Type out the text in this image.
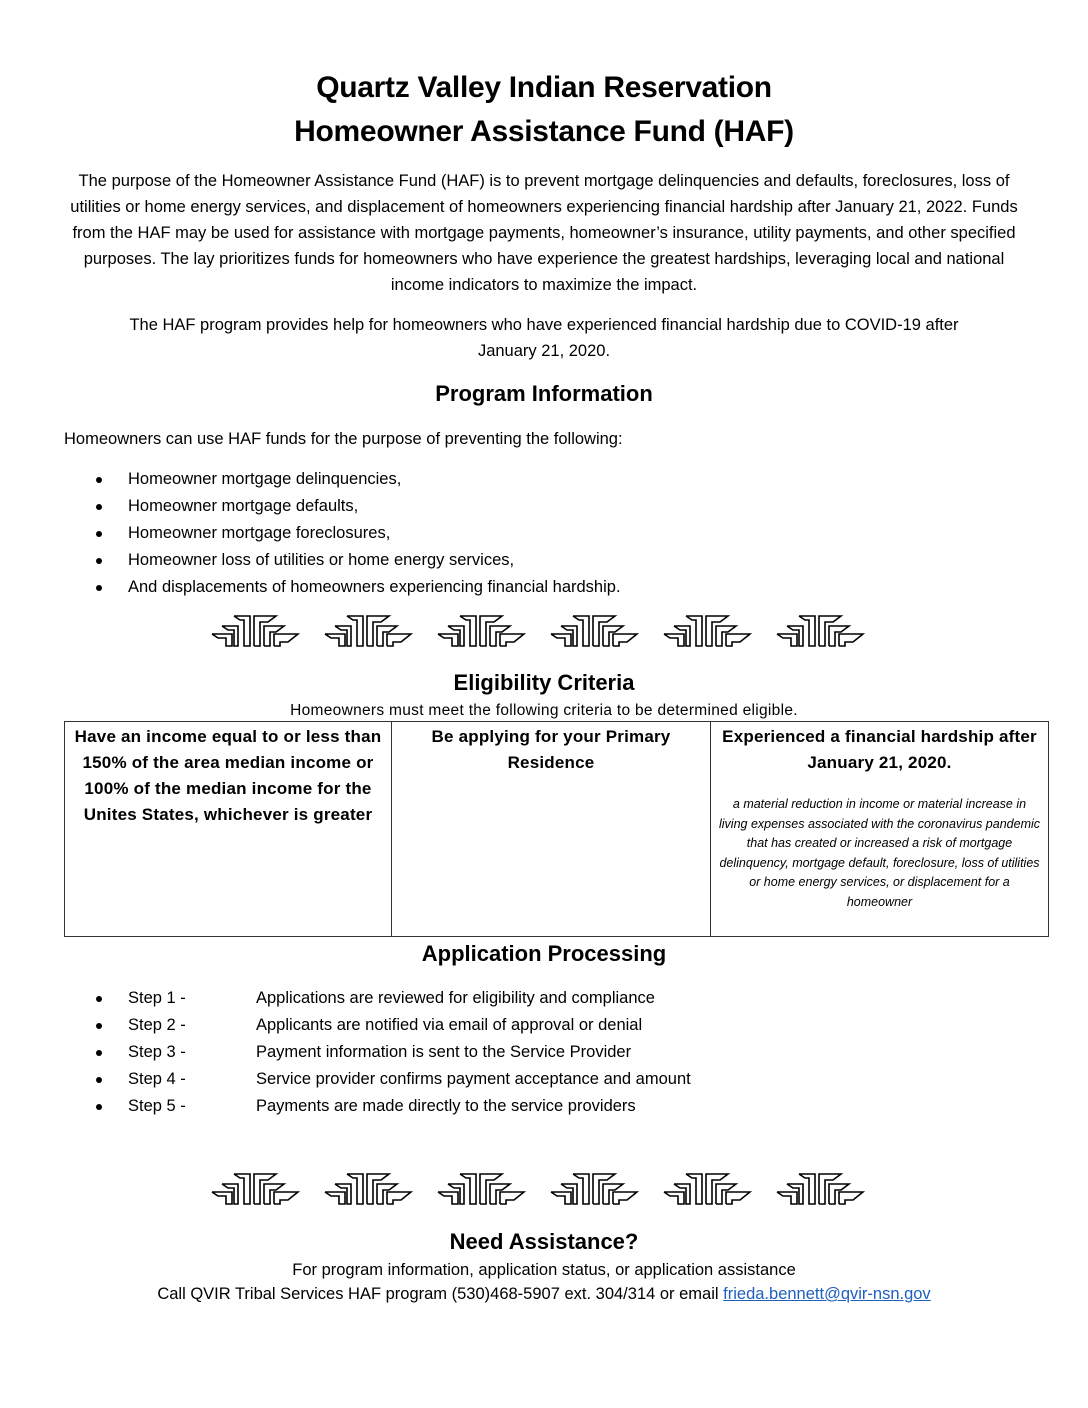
Quartz Valley Indian Reservation
Homeowner Assistance Fund (HAF)
The purpose of the Homeowner Assistance Fund (HAF) is to prevent mortgage delinquencies and defaults, foreclosures, loss of utilities or home energy services, and displacement of homeowners experiencing financial hardship after January 21, 2022. Funds from the HAF may be used for assistance with mortgage payments, homeowner’s insurance, utility payments, and other specified purposes. The lay prioritizes funds for homeowners who have experience the greatest hardships, leveraging local and national income indicators to maximize the impact.
The HAF program provides help for homeowners who have experienced financial hardship due to COVID-19 after January 21, 2020.
Program Information
Homeowners can use HAF funds for the purpose of preventing the following:
Homeowner mortgage delinquencies,
Homeowner mortgage defaults,
Homeowner mortgage foreclosures,
Homeowner loss of utilities or home energy services,
And displacements of homeowners experiencing financial hardship.
Eligibility Criteria
Homeowners must meet the following criteria to be determined eligible.
Have an income equal to or less than 150% of the area median income or 100% of the median income for the Unites States, whichever is greater

Be applying for your Primary Residence

Experienced a financial hardship after January 21, 2020.
a material reduction in income or material increase in living expenses associated with the coronavirus pandemic that has created or increased a risk of mortgage delinquency, mortgage default, foreclosure, loss of utilities or home energy services, or displacement for a homeowner
Application Processing
Step 1 -	Applications are reviewed for eligibility and compliance
Step 2 -	Applicants are notified via email of approval or denial
Step 3 -	Payment information is sent to the Service Provider
Step 4 -	Service provider confirms payment acceptance and amount
Step 5 -	Payments are made directly to the service providers
Need Assistance?
For program information, application status, or application assistance
Call QVIR Tribal Services HAF program (530)468-5907 ext. 304/314 or email frieda.bennett@qvir-nsn.gov
